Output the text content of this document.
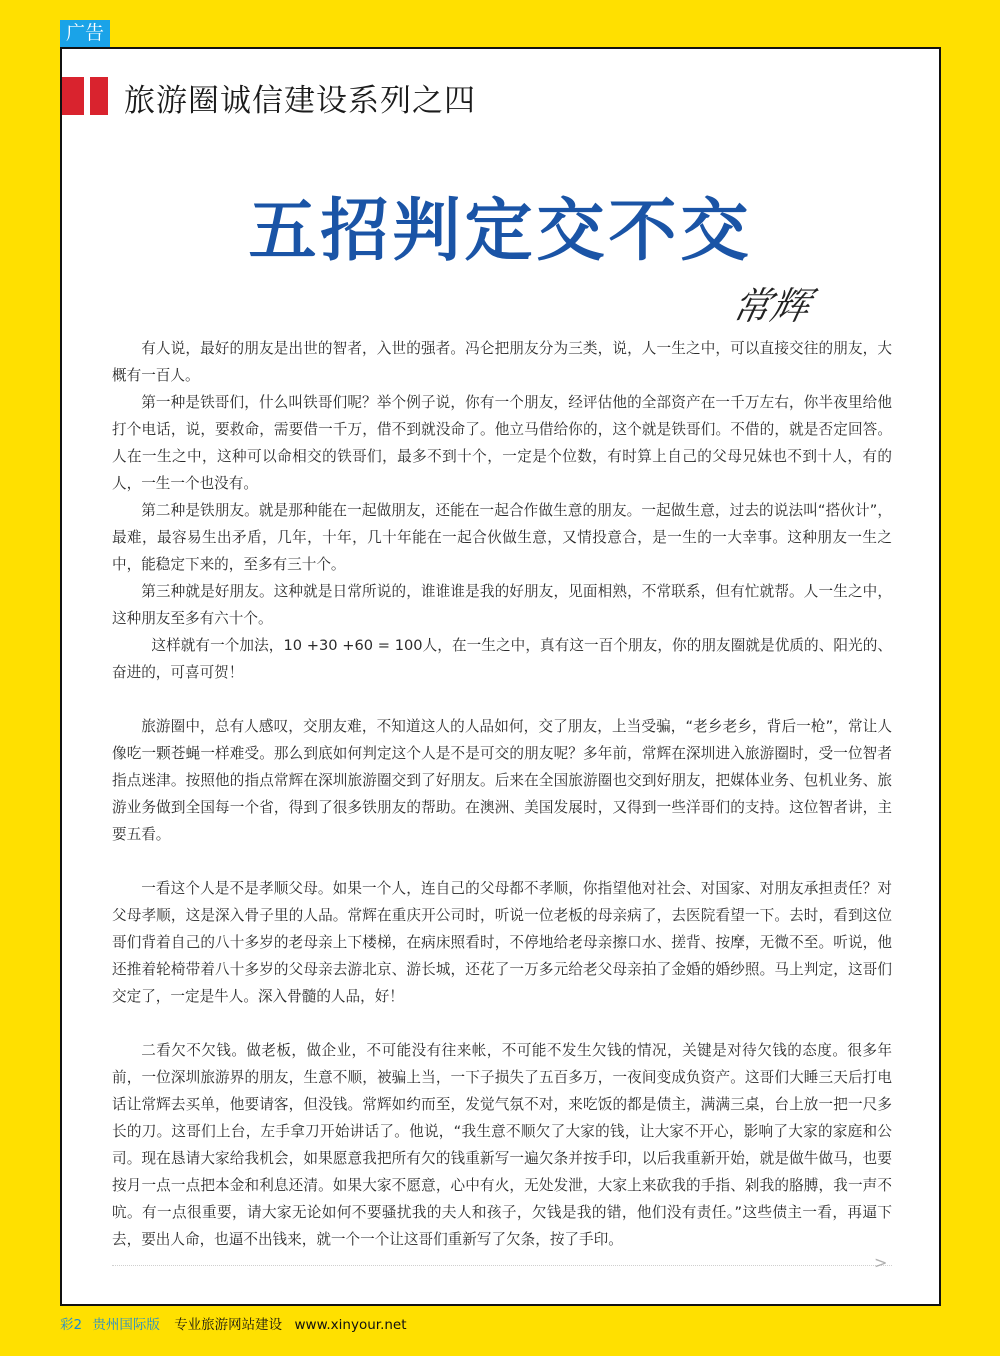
广告
旅游圈诚信建设系列之四
五招判定交不交
常辉

有人说，最好的朋友是出世的智者，入世的强者。冯仑把朋友分为三类，说，人一生之中，可以直接交往的朋友，大概有一百人。

第一种是铁哥们，什么叫铁哥们呢？举个例子说，你有一个朋友，经评估他的全部资产在一千万左右，你半夜里给他打个电话，说，要救命，需要借一千万，借不到就没命了。他立马借给你的，这个就是铁哥们。不借的，就是否定回答。人在一生之中，这种可以命相交的铁哥们，最多不到十个，一定是个位数，有时算上自己的父母兄妹也不到十人，有的人，一生一个也没有。

第二种是铁朋友。就是那种能在一起做朋友，还能在一起合作做生意的朋友。一起做生意，过去的说法叫“搭伙计”，最难，最容易生出矛盾，几年，十年，几十年能在一起合伙做生意，又情投意合，是一生的一大幸事。这种朋友一生之中，能稳定下来的，至多有三十个。

第三种就是好朋友。这种就是日常所说的，谁谁谁是我的好朋友，见面相熟，不常联系，但有忙就帮。人一生之中，这种朋友至多有六十个。

这样就有一个加法，10 +30 +60 = 100人，在一生之中，真有这一百个朋友，你的朋友圈就是优质的、阳光的、奋进的，可喜可贺！

旅游圈中，总有人感叹，交朋友难，不知道这人的人品如何，交了朋友，上当受骗，“老乡老乡，背后一枪”，常让人像吃一颗苍蝇一样难受。那么到底如何判定这个人是不是可交的朋友呢？多年前，常辉在深圳进入旅游圈时，受一位智者指点迷津。按照他的指点常辉在深圳旅游圈交到了好朋友。后来在全国旅游圈也交到好朋友，把媒体业务、包机业务、旅游业务做到全国每一个省，得到了很多铁朋友的帮助。在澳洲、美国发展时，又得到一些洋哥们的支持。这位智者讲，主要五看。

一看这个人是不是孝顺父母。如果一个人，连自己的父母都不孝顺，你指望他对社会、对国家、对朋友承担责任？对父母孝顺，这是深入骨子里的人品。常辉在重庆开公司时，听说一位老板的母亲病了，去医院看望一下。去时，看到这位哥们背着自己的八十多岁的老母亲上下楼梯，在病床照看时，不停地给老母亲擦口水、搓背、按摩，无微不至。听说，他还推着轮椅带着八十多岁的父母亲去游北京、游长城，还花了一万多元给老父母亲拍了金婚的婚纱照。马上判定，这哥们交定了，一定是牛人。深入骨髓的人品，好！

二看欠不欠钱。做老板，做企业，不可能没有往来帐，不可能不发生欠钱的情况，关键是对待欠钱的态度。很多年前，一位深圳旅游界的朋友，生意不顺，被骗上当，一下子损失了五百多万，一夜间变成负资产。这哥们大睡三天后打电话让常辉去买单，他要请客，但没钱。常辉如约而至，发觉气氛不对，来吃饭的都是债主，满满三桌，台上放一把一尺多长的刀。这哥们上台，左手拿刀开始讲话了。他说，“我生意不顺欠了大家的钱，让大家不开心，影响了大家的家庭和公司。现在恳请大家给我机会，如果愿意我把所有欠的钱重新写一遍欠条并按手印，以后我重新开始，就是做牛做马，也要按月一点一点把本金和利息还清。如果大家不愿意，心中有火，无处发泄，大家上来砍我的手指、剁我的胳膊，我一声不吭。有一点很重要，请大家无论如何不要骚扰我的夫人和孩子，欠钱是我的错，他们没有责任。”这些债主一看，再逼下去，要出人命，也逼不出钱来，就一个一个让这哥们重新写了欠条，按了手印。

>
彩2 贵州国际版 专业旅游网站建设 www.xinyour.net
